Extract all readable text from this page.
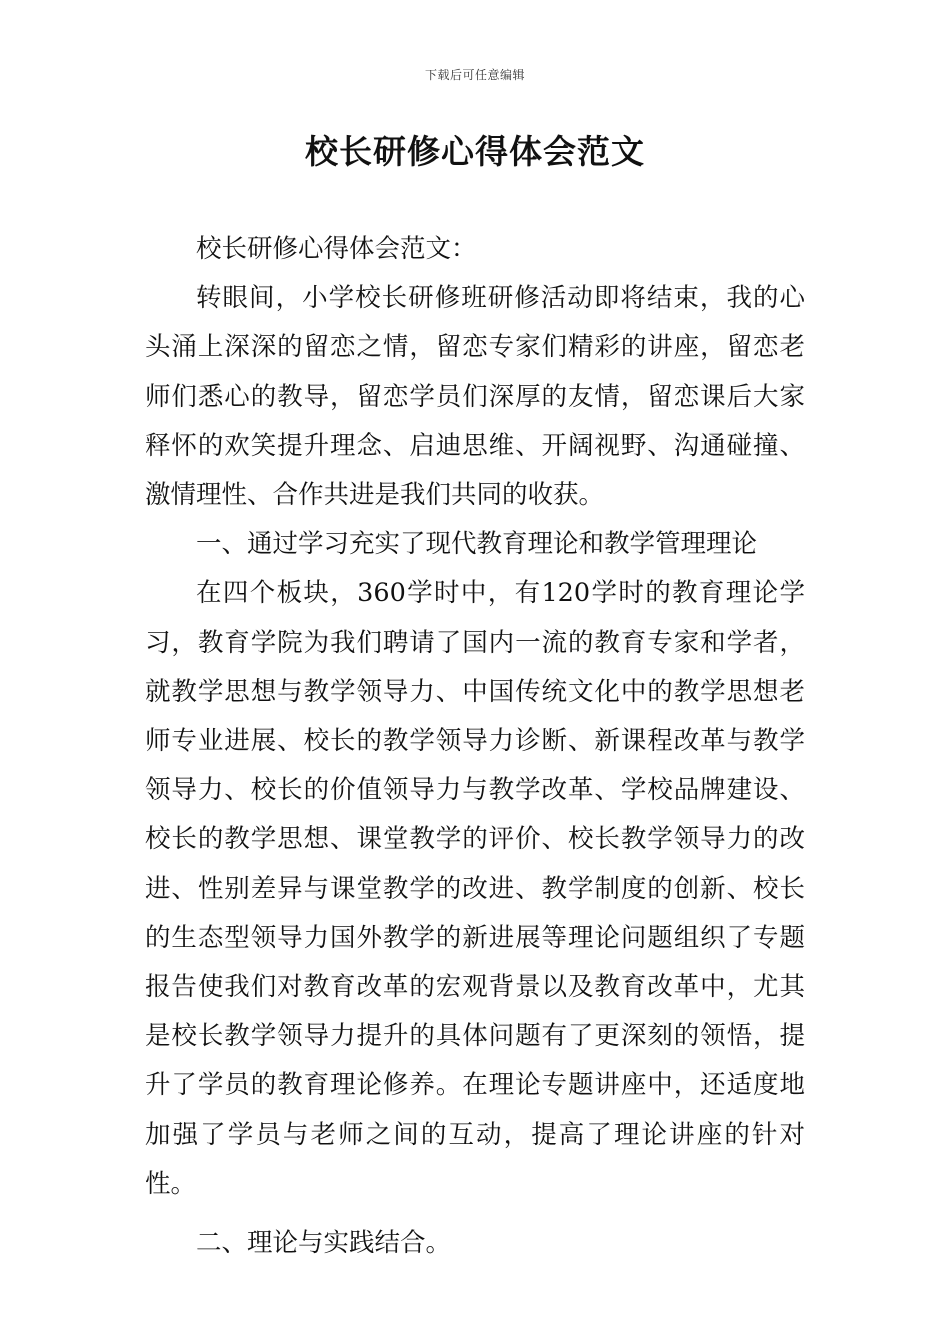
下载后可任意编辑
校长研修心得体会范文

校长研修心得体会范文：

转眼间，小学校长研修班研修活动即将结束，我的心头涌上深深的留恋之情，留恋专家们精彩的讲座，留恋老师们悉心的教导，留恋学员们深厚的友情，留恋课后大家释怀的欢笑提升理念、启迪思维、开阔视野、沟通碰撞、激情理性、合作共进是我们共同的收获。

一、通过学习充实了现代教育理论和教学管理理论

在四个板块，360学时中，有120学时的教育理论学习，教育学院为我们聘请了国内一流的教育专家和学者，就教学思想与教学领导力、中国传统文化中的教学思想老师专业进展、校长的教学领导力诊断、新课程改革与教学领导力、校长的价值领导力与教学改革、学校品牌建设、校长的教学思想、课堂教学的评价、校长教学领导力的改进、性别差异与课堂教学的改进、教学制度的创新、校长的生态型领导力国外教学的新进展等理论问题组织了专题报告使我们对教育改革的宏观背景以及教育改革中，尤其是校长教学领导力提升的具体问题有了更深刻的领悟，提升了学员的教育理论修养。在理论专题讲座中，还适度地加强了学员与老师之间的互动，提高了理论讲座的针对性。

二、理论与实践结合。
